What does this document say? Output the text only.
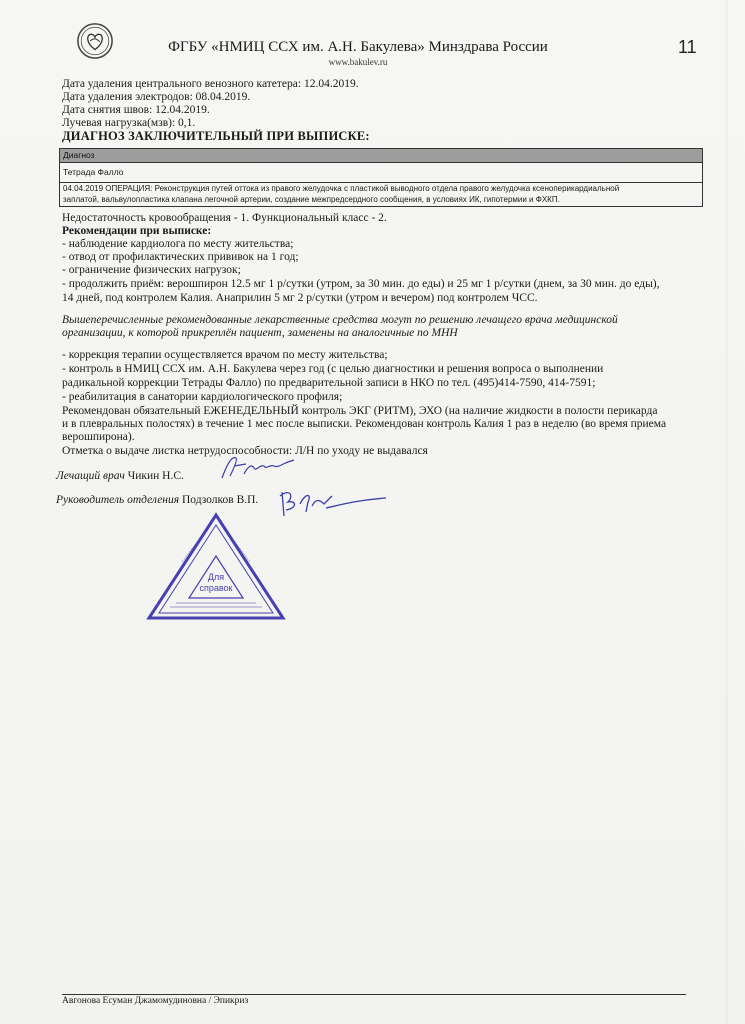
ФГБУ «НМИЦ ССХ им. А.Н. Бакулева» Минздрава России
www.bakulev.ru
11
Дата удаления центрального венозного катетера: 12.04.2019.
Дата удаления электродов: 08.04.2019.
Дата снятия швов: 12.04.2019.
Лучевая нагрузка(мзв): 0,1.
ДИАГНОЗ ЗАКЛЮЧИТЕЛЬНЫЙ ПРИ ВЫПИСКЕ:
Диагноз
Тетрада Фалло

04.04.2019 ОПЕРАЦИЯ: Реконструкция путей оттока из правого желудочка с пластикой выводного отдела правого желудочка ксеноперикардиальной
заплатой, вальвулопластика клапана легочной артерии, создание межпредсердного сообщения, в условиях ИК, гипотермии и ФХКП.
Недостаточность кровообращения - 1. Функциональный класс - 2.
Рекомендации при выписке:
- наблюдение кардиолога по месту жительства;
- отвод от профилактических прививок на 1 год;
- ограничение физических нагрузок;
- продолжить приём: верошпирон 12.5 мг 1 р/сутки (утром, за 30 мин. до еды) и 25 мг 1 р/сутки (днем, за 30 мин. до еды),
14 дней, под контролем Калия. Анаприлин 5 мг 2 р/сутки (утром и вечером) под контролем ЧСС.
Вышеперечисленные рекомендованные лекарственные средства могут по решению лечащего врача медицинской
организации, к которой прикреплён пациент, заменены на аналогичные по МНН
- коррекция терапии осуществляется врачом по месту жительства;
- контроль в НМИЦ ССХ им. А.Н. Бакулева через год (с целью диагностики и решения вопроса о выполнении
радикальной коррекции Тетрады Фалло) по предварительной записи в НКО по тел. (495)414-7590, 414-7591;
- реабилитация в санатории кардиологического профиля;
Рекомендован обязательный ЕЖЕНЕДЕЛЬНЫЙ контроль ЭКГ (РИТМ), ЭХО (на наличие жидкости в полости перикарда
и в плевральных полостях) в течение 1 мес после выписки. Рекомендован контроль Калия 1 раз в неделю (во время приема
верошпирона).
Отметка о выдаче листка нетрудоспособности: Л/Н по уходу не выдавался
Лечащий врач Чикин Н.С.
Руководитель отделения Подзолков В.П.
Для
справок
Авгонова Есуман Джамомудиновна / Эпикриз
